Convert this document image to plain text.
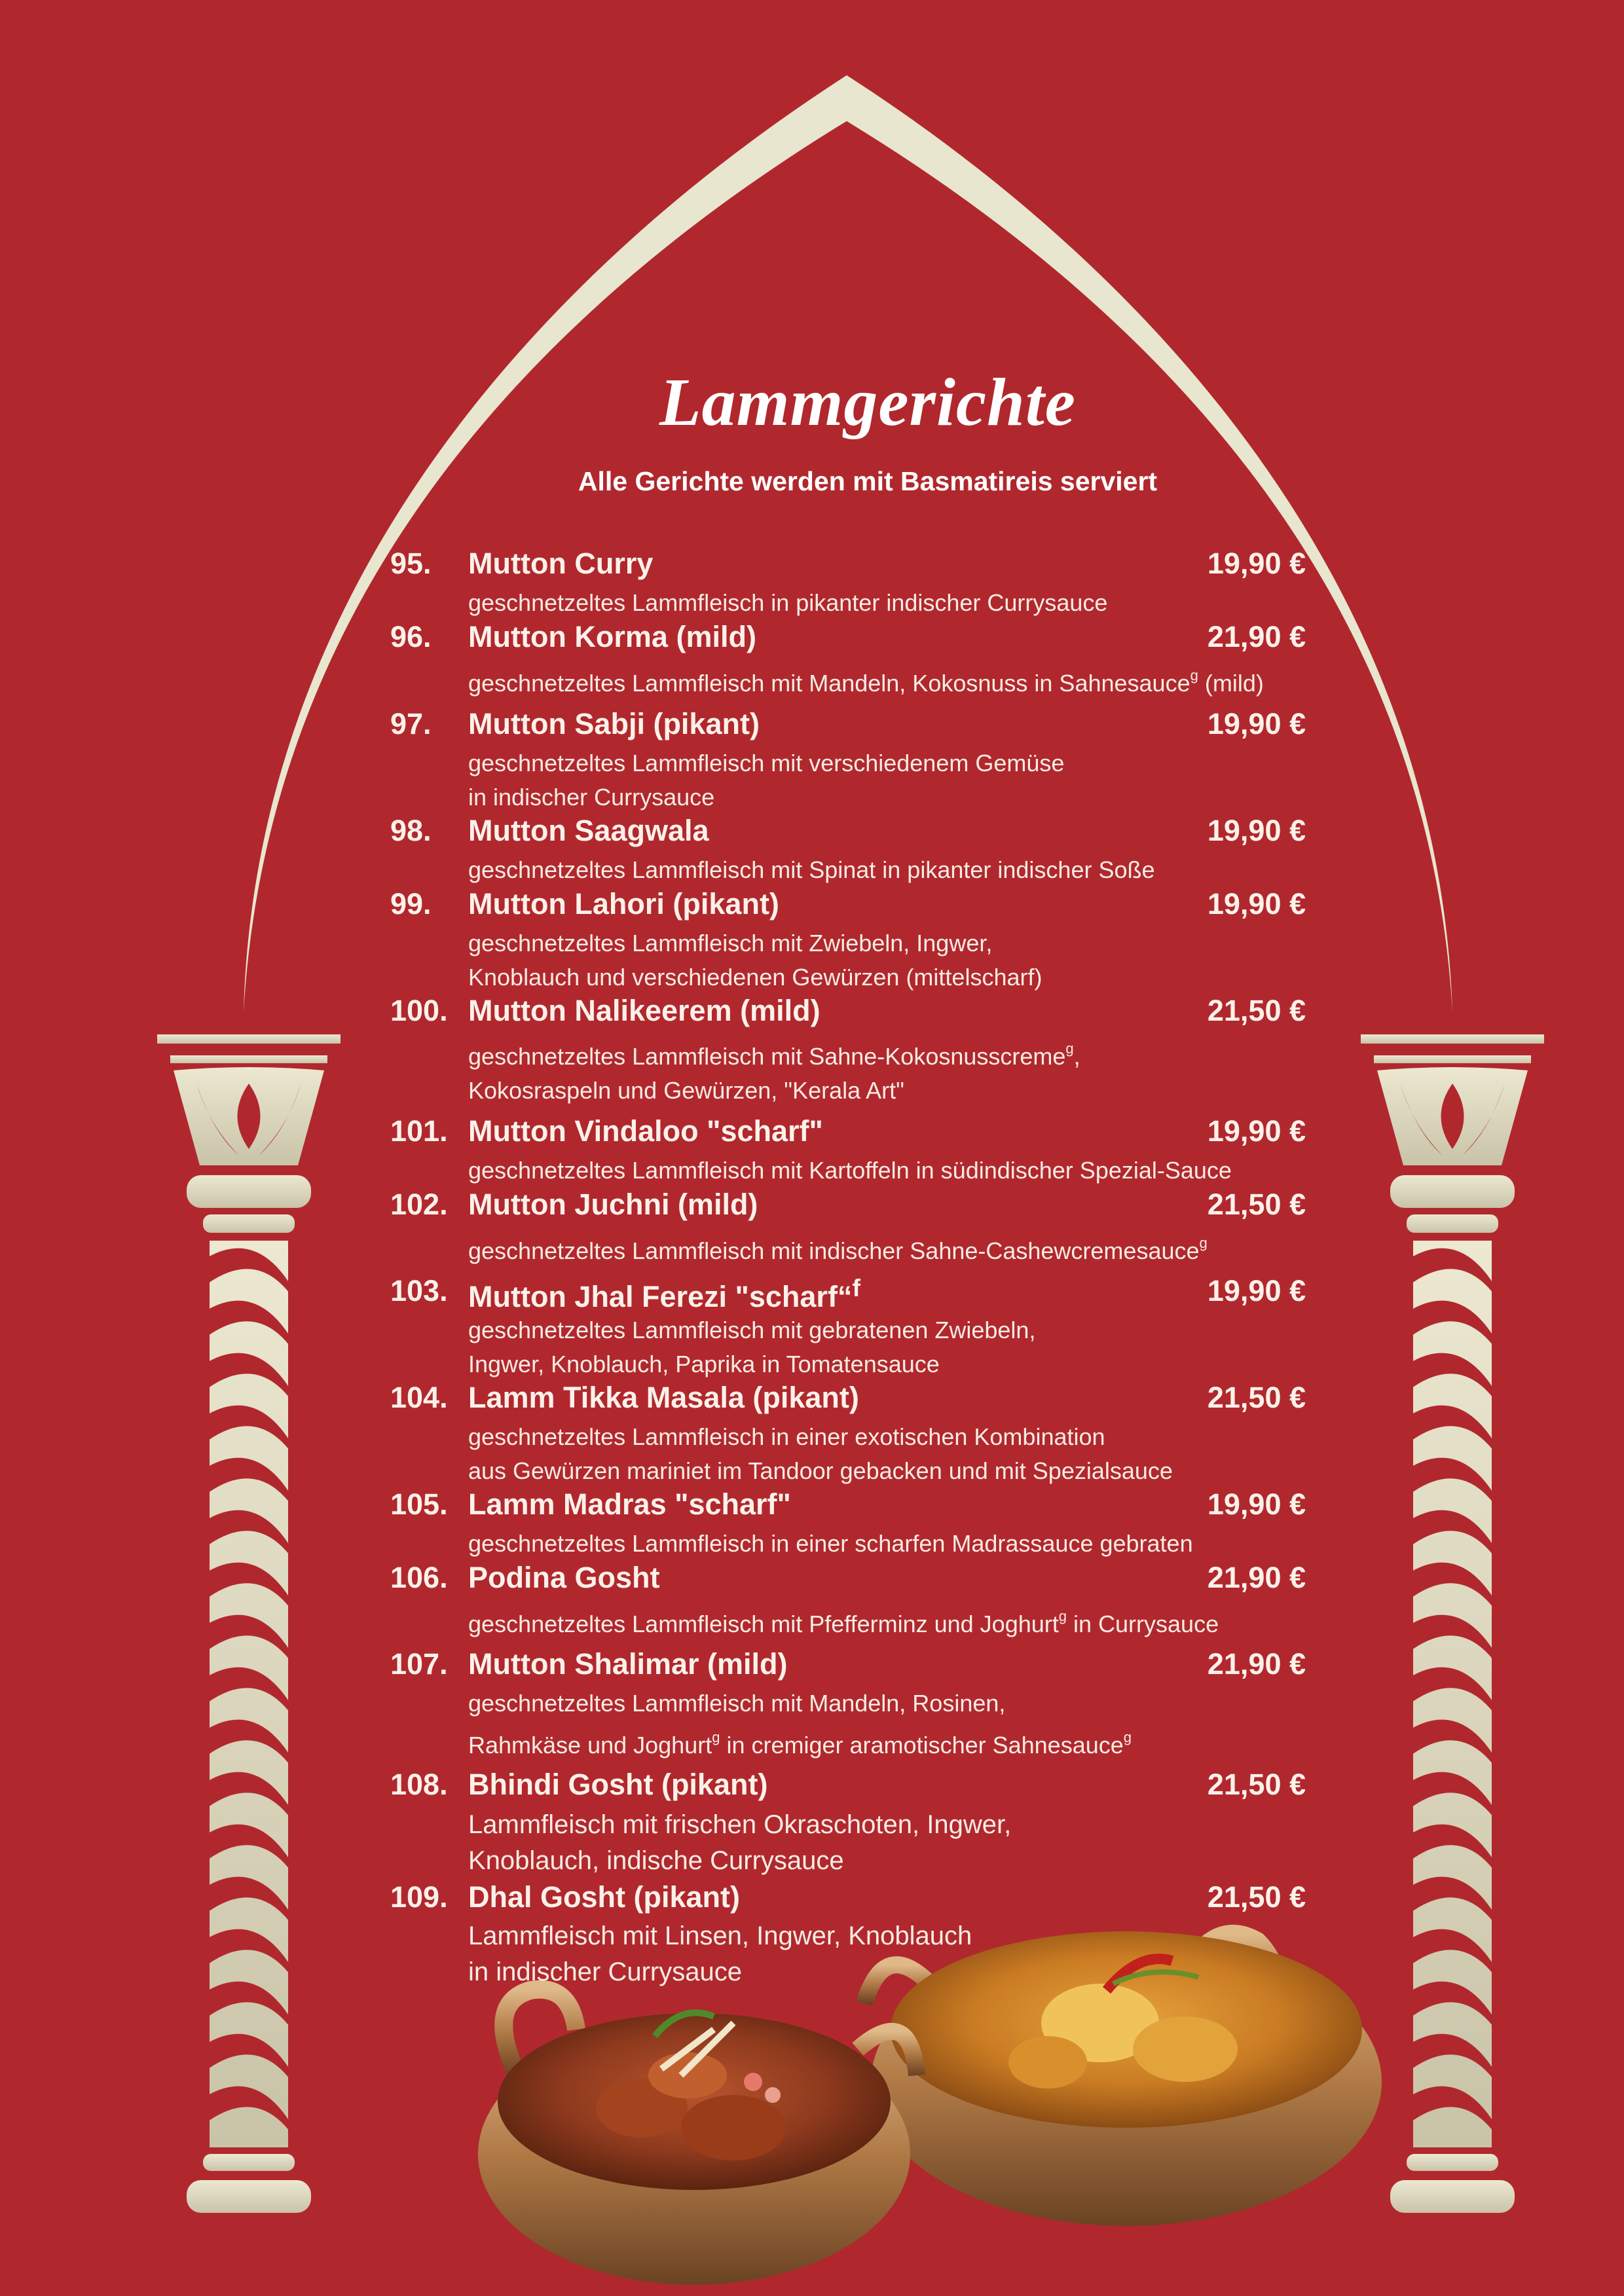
Lammgerichte
Alle Gerichte werden mit Basmatireis serviert
95. Mutton Curry	19,90 €
geschnetzeltes Lammfleisch in pikanter indischer Currysauce
96. Mutton Korma (mild)	21,90 €
geschnetzeltes Lammfleisch mit Mandeln, Kokosnuss in Sahnesauce$^g$ (mild)
97. Mutton Sabji (pikant)	19,90 €
geschnetzeltes Lammfleisch mit verschiedenem Gemüse
in indischer Currysauce
98. Mutton Saagwala	19,90 €
geschnetzeltes Lammfleisch mit Spinat in pikanter indischer Soße
99. Mutton Lahori (pikant)	19,90 €
geschnetzeltes Lammfleisch mit Zwiebeln, Ingwer,
Knoblauch und verschiedenen Gewürzen (mittelscharf)
100. Mutton Nalikeerem (mild)	21,50 €
geschnetzeltes Lammfleisch mit Sahne-Kokosnusscreme$^g$,
Kokosraspeln und Gewürzen, "Kerala Art"
101. Mutton Vindaloo "scharf"	19,90 €
geschnetzeltes Lammfleisch mit Kartoffeln in südindischer Spezial-Sauce
102. Mutton Juchni (mild)	21,50 €
geschnetzeltes Lammfleisch mit indischer Sahne-Cashewcremesauce$^g$
103. Mutton Jhal Ferezi "scharf“$^f$	19,90 €
geschnetzeltes Lammfleisch mit gebratenen Zwiebeln,
Ingwer, Knoblauch, Paprika in Tomatensauce
104. Lamm Tikka Masala (pikant)	21,50 €
geschnetzeltes Lammfleisch in einer exotischen Kombination
aus Gewürzen mariniet im Tandoor gebacken und mit Spezialsauce
105. Lamm Madras "scharf"	19,90 €
geschnetzeltes Lammfleisch in einer scharfen Madrassauce gebraten
106. Podina Gosht	21,90 €
geschnetzeltes Lammfleisch mit Pfefferminz und Joghurt$^g$ in Currysauce
107. Mutton Shalimar (mild)	21,90 €
geschnetzeltes Lammfleisch mit Mandeln, Rosinen,
Rahmkäse und Joghurt$^g$ in cremiger aramotischer Sahnesauce$^g$
108. Bhindi Gosht (pikant)	21,50 €
Lammfleisch mit frischen Okraschoten, Ingwer,
Knoblauch, indische Currysauce
109. Dhal Gosht (pikant)	21,50 €
Lammfleisch mit Linsen, Ingwer, Knoblauch
in indischer Currysauce
